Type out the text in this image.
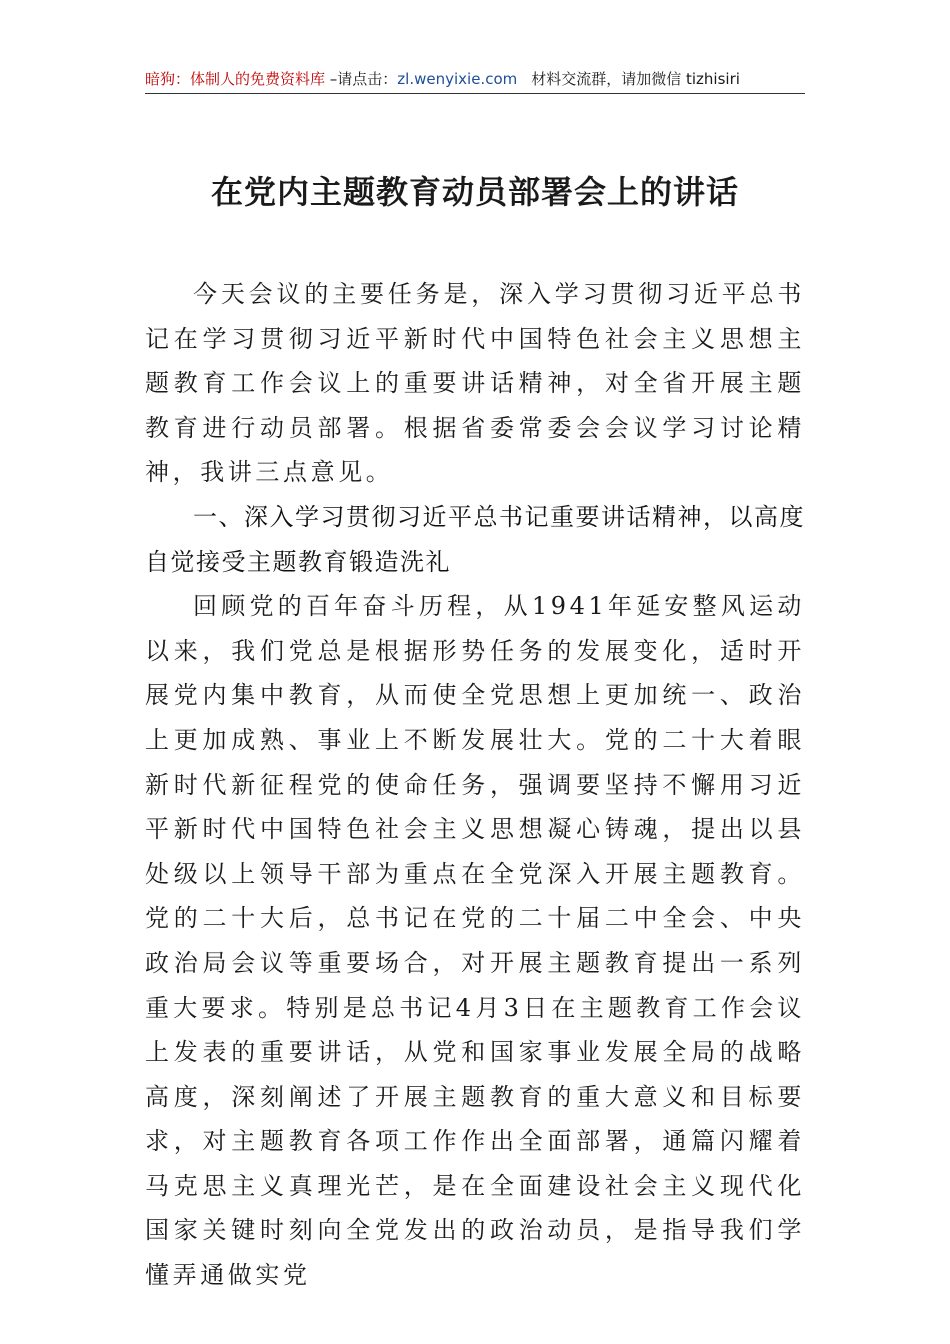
暗狗：体制人的免费资料库 –请点击：zl.wenyixie.com 材料交流群，请加微信 tizhisiri
在党内主题教育动员部署会上的讲话

今天会议的主要任务是，深入学习贯彻习近平总书记在学习贯彻习近平新时代中国特色社会主义思想主题教育工作会议上的重要讲话精神，对全省开展主题教育进行动员部署。根据省委常委会会议学习讨论精神，我讲三点意见。

一、深入学习贯彻习近平总书记重要讲话精神，以高度自觉接受主题教育锻造洗礼

回顾党的百年奋斗历程，从1941年延安整风运动以来，我们党总是根据形势任务的发展变化，适时开展党内集中教育，从而使全党思想上更加统一、政治上更加成熟、事业上不断发展壮大。党的二十大着眼新时代新征程党的使命任务，强调要坚持不懈用习近平新时代中国特色社会主义思想凝心铸魂，提出以县处级以上领导干部为重点在全党深入开展主题教育。党的二十大后，总书记在党的二十届二中全会、中央政治局会议等重要场合，对开展主题教育提出一系列重大要求。特别是总书记4月3日在主题教育工作会议上发表的重要讲话，从党和国家事业发展全局的战略高度，深刻阐述了开展主题教育的重大意义和目标要求，对主题教育各项工作作出全面部署，通篇闪耀着马克思主义真理光芒，是在全面建设社会主义现代化国家关键时刻向全党发出的政治动员，是指导我们学懂弄通做实党
